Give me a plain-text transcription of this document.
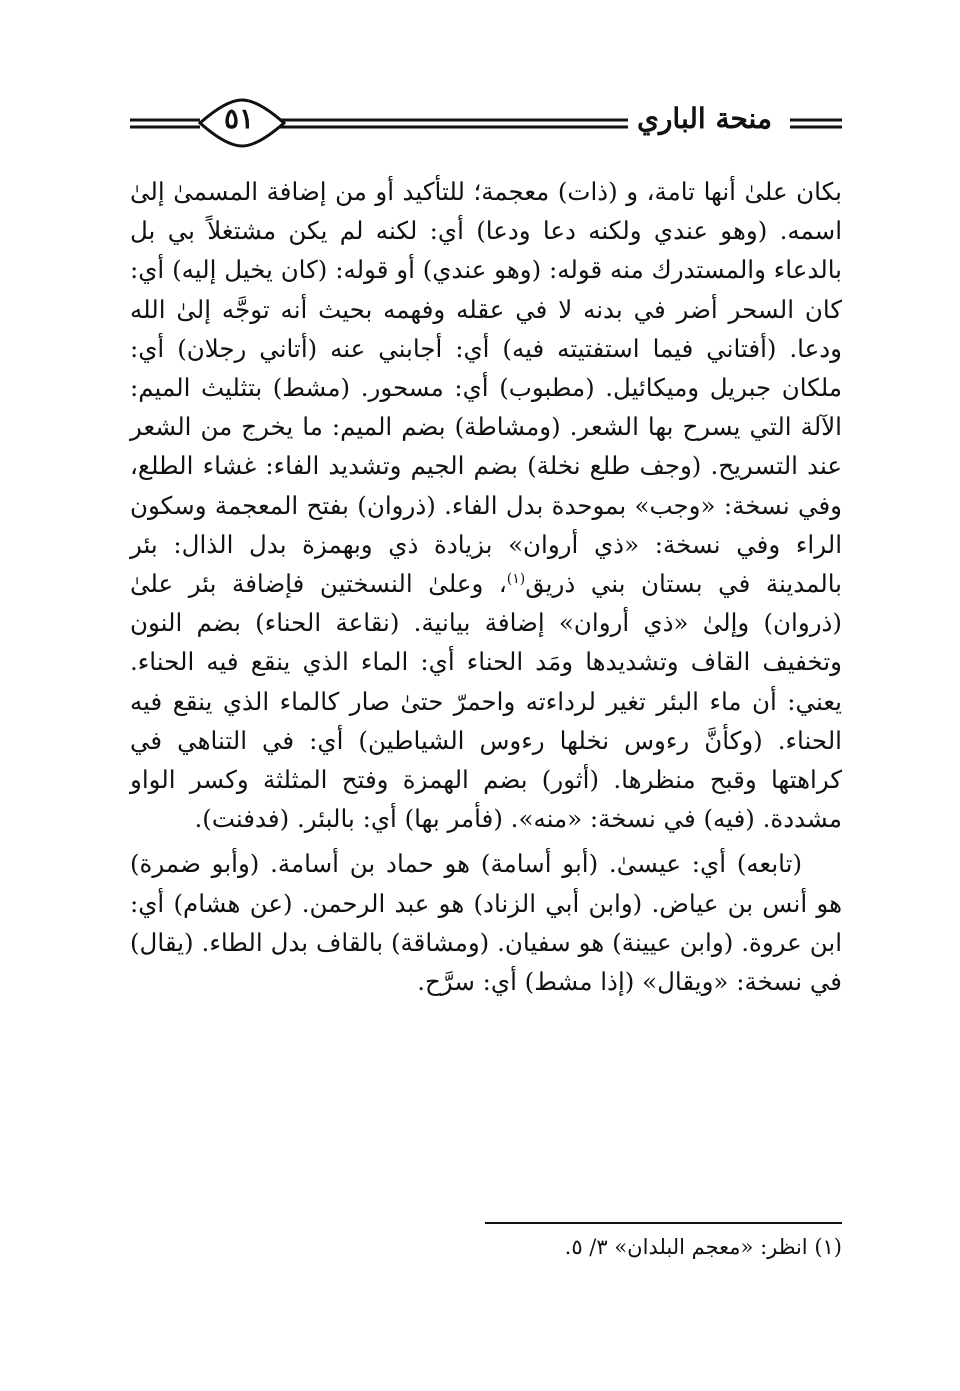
منحة الباري
٥١

بكان علىٰ أنها تامة، و (ذات) معجمة؛ للتأكيد أو من إضافة المسمىٰ إلىٰ اسمه. (وهو عندي ولكنه دعا ودعا) أي: لكنه لم يكن مشتغلاً بي بل بالدعاء والمستدرك منه قوله: (وهو عندي) أو قوله: (كان يخيل إليه) أي: كان السحر أضر في بدنه لا في عقله وفهمه بحيث أنه توجَّه إلىٰ الله ودعا. (أفتاني فيما استفتيته فيه) أي: أجابني عنه (أتاني رجلان) أي: ملكان جبريل وميكائيل. (مطبوب) أي: مسحور. (مشط) بتثليث الميم: الآلة التي يسرح بها الشعر. (ومشاطة) بضم الميم: ما يخرج من الشعر عند التسريح. (وجف طلع نخلة) بضم الجيم وتشديد الفاء: غشاء الطلع، وفي نسخة: «وجب» بموحدة بدل الفاء. (ذروان) بفتح المعجمة وسكون الراء وفي نسخة: «ذي أروان» بزيادة ذي وبهمزة بدل الذال: بئر بالمدينة في بستان بني ذريق$^{(١)}$، وعلىٰ النسختين فإضافة بئر علىٰ (ذروان) وإلىٰ «ذي أروان» إضافة بيانية. (نقاعة الحناء) بضم النون وتخفيف القاف وتشديدها ومَد الحناء أي: الماء الذي ينقع فيه الحناء. يعني: أن ماء البئر تغير لرداءته واحمرّ حتىٰ صار كالماء الذي ينقع فيه الحناء. (وكأنَّ رءوس نخلها رءوس الشياطين) أي: في التناهي في كراهتها وقبح منظرها. (أثور) بضم الهمزة وفتح المثلثة وكسر الواو مشددة. (فيه) في نسخة: «منه». (فأمر بها) أي: بالبئر. (فدفنت).

(تابعه) أي: عيسىٰ. (أبو أسامة) هو حماد بن أسامة. (وأبو ضمرة) هو أنس بن عياض. (وابن أبي الزناد) هو عبد الرحمن. (عن هشام) أي: ابن عروة. (وابن عيينة) هو سفيان. (ومشاقة) بالقاف بدل الطاء. (يقال) في نسخة: «ويقال» (إذا مشط) أي: سرَّح.

(١) انظر: «معجم البلدان» ٣/ ٥.
